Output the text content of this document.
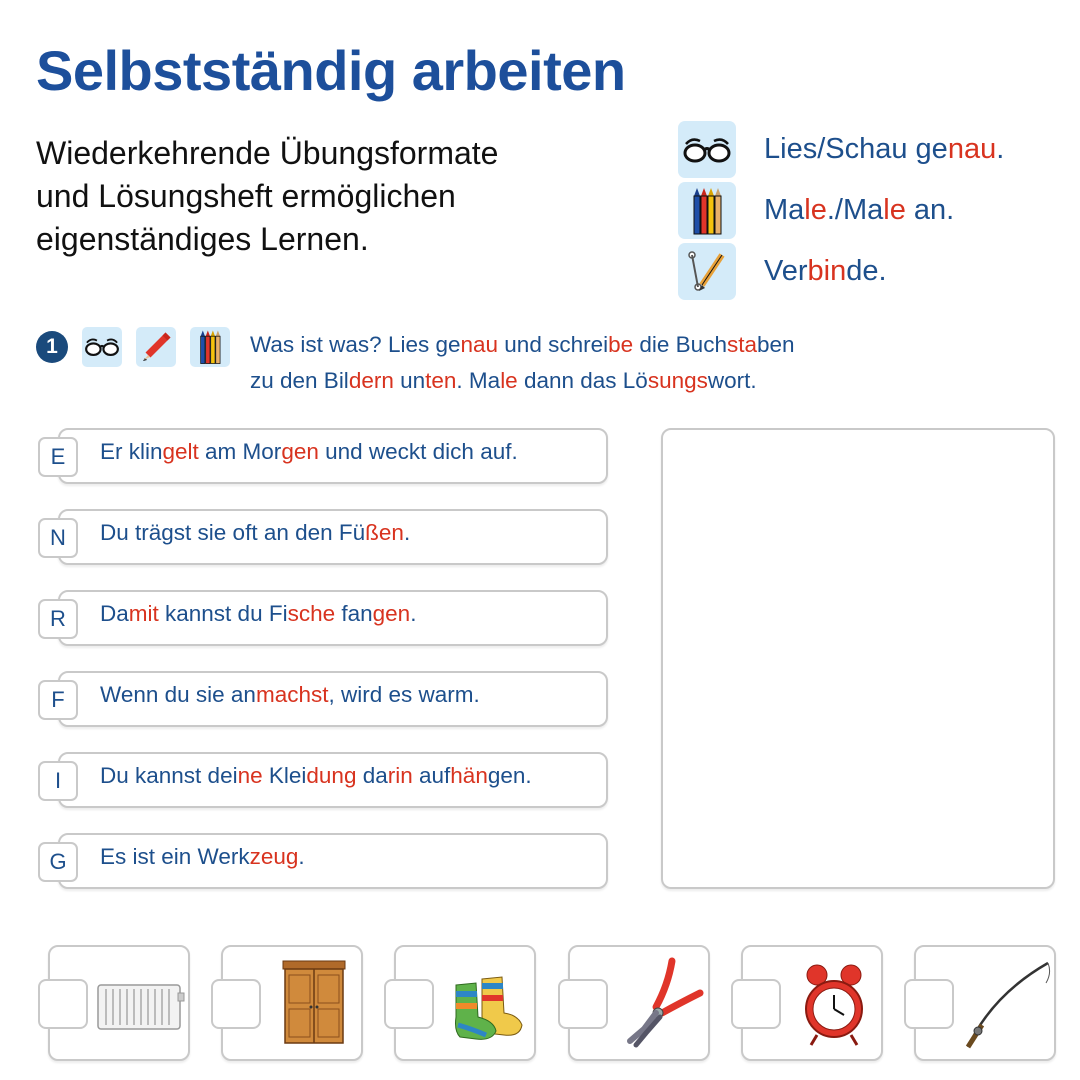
Selbstständig arbeiten

Wiederkehrende Übungsformate
und Lösungsheft ermöglichen
eigenständiges Lernen.

Lies/Schau genau.
Male./Male an.
Verbinde.
1	Was ist was? Lies genau und schreibe die Buchstaben
zu den Bildern unten. Male dann das Lösungswort.
E	Er klingelt am Morgen und weckt dich auf.
N	Du trägst sie oft an den Füßen.
R	Damit kannst du Fische fangen.
F	Wenn du sie anmachst, wird es warm.
I	Du kannst deine Kleidung darin aufhängen.
G	Es ist ein Werkzeug.
